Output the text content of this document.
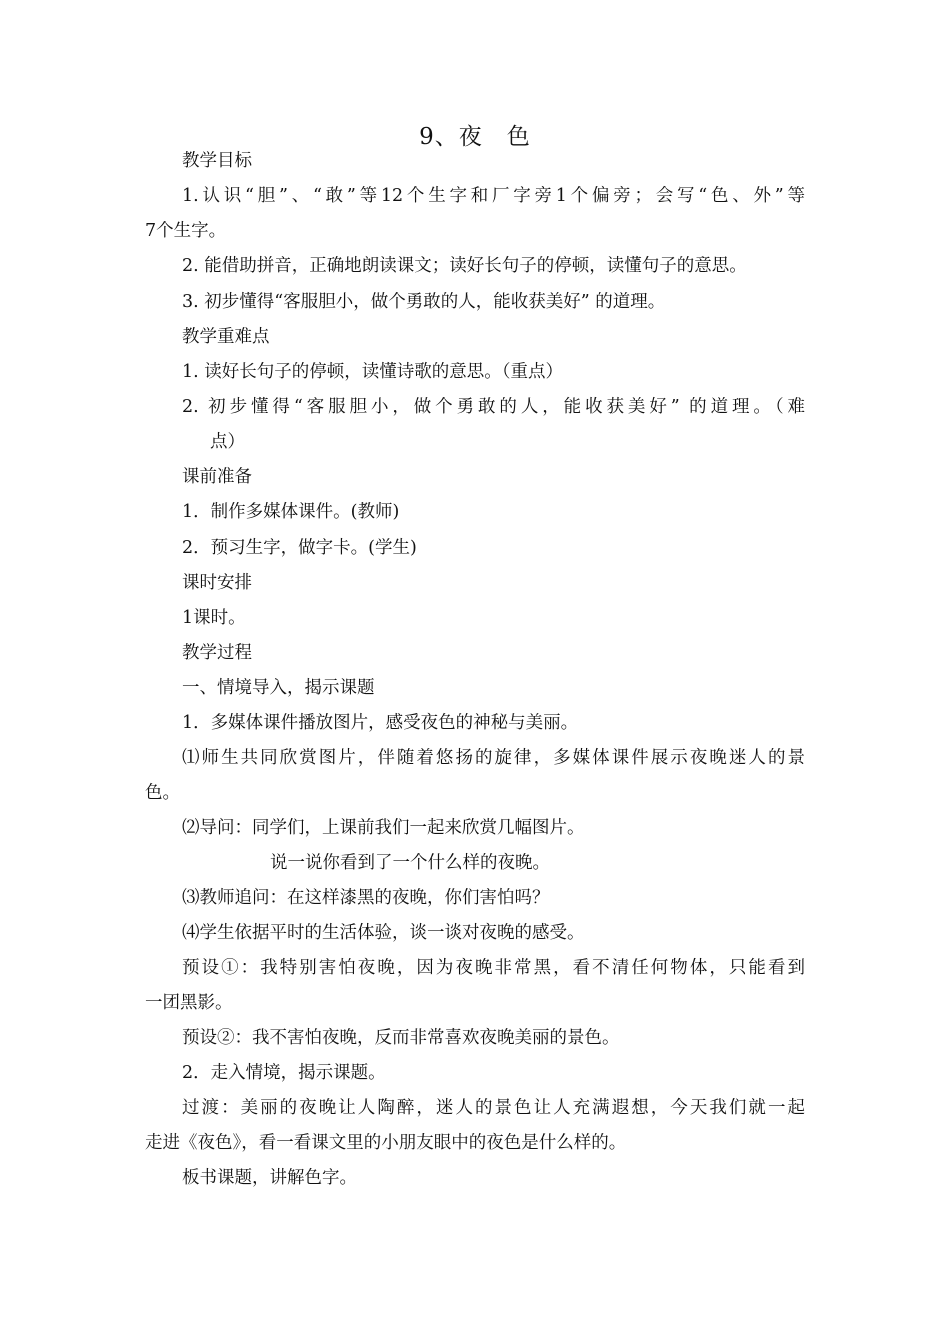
9、夜　色
教学目标
1.认识“胆”、“敢”等12个生字和厂字旁1个偏旁；会写“色、外”等
7个生字。
2. 能借助拼音，正确地朗读课文；读好长句子的停顿，读懂句子的意思。
3. 初步懂得“客服胆小，做个勇敢的人，能收获美好” 的道理。
教学重难点
1. 读好长句子的停顿，读懂诗歌的意思。（重点）
2. 初步懂得“客服胆小，做个勇敢的人，能收获美好” 的道理。（难
点）
课前准备
1．制作多媒体课件。(教师)
2．预习生字，做字卡。(学生)
课时安排
1课时。
教学过程
一、情境导入，揭示课题
1．多媒体课件播放图片，感受夜色的神秘与美丽。
⑴师生共同欣赏图片，伴随着悠扬的旋律，多媒体课件展示夜晚迷人的景
色。
⑵导问：同学们，上课前我们一起来欣赏几幅图片。
说一说你看到了一个什么样的夜晚。
⑶教师追问：在这样漆黑的夜晚，你们害怕吗？
⑷学生依据平时的生活体验，谈一谈对夜晚的感受。
预设①：我特别害怕夜晚，因为夜晚非常黑，看不清任何物体，只能看到
一团黑影。
预设②：我不害怕夜晚，反而非常喜欢夜晚美丽的景色。
2．走入情境，揭示课题。
过渡：美丽的夜晚让人陶醉，迷人的景色让人充满遐想，今天我们就一起
走进《夜色》，看一看课文里的小朋友眼中的夜色是什么样的。
板书课题，讲解色字。
